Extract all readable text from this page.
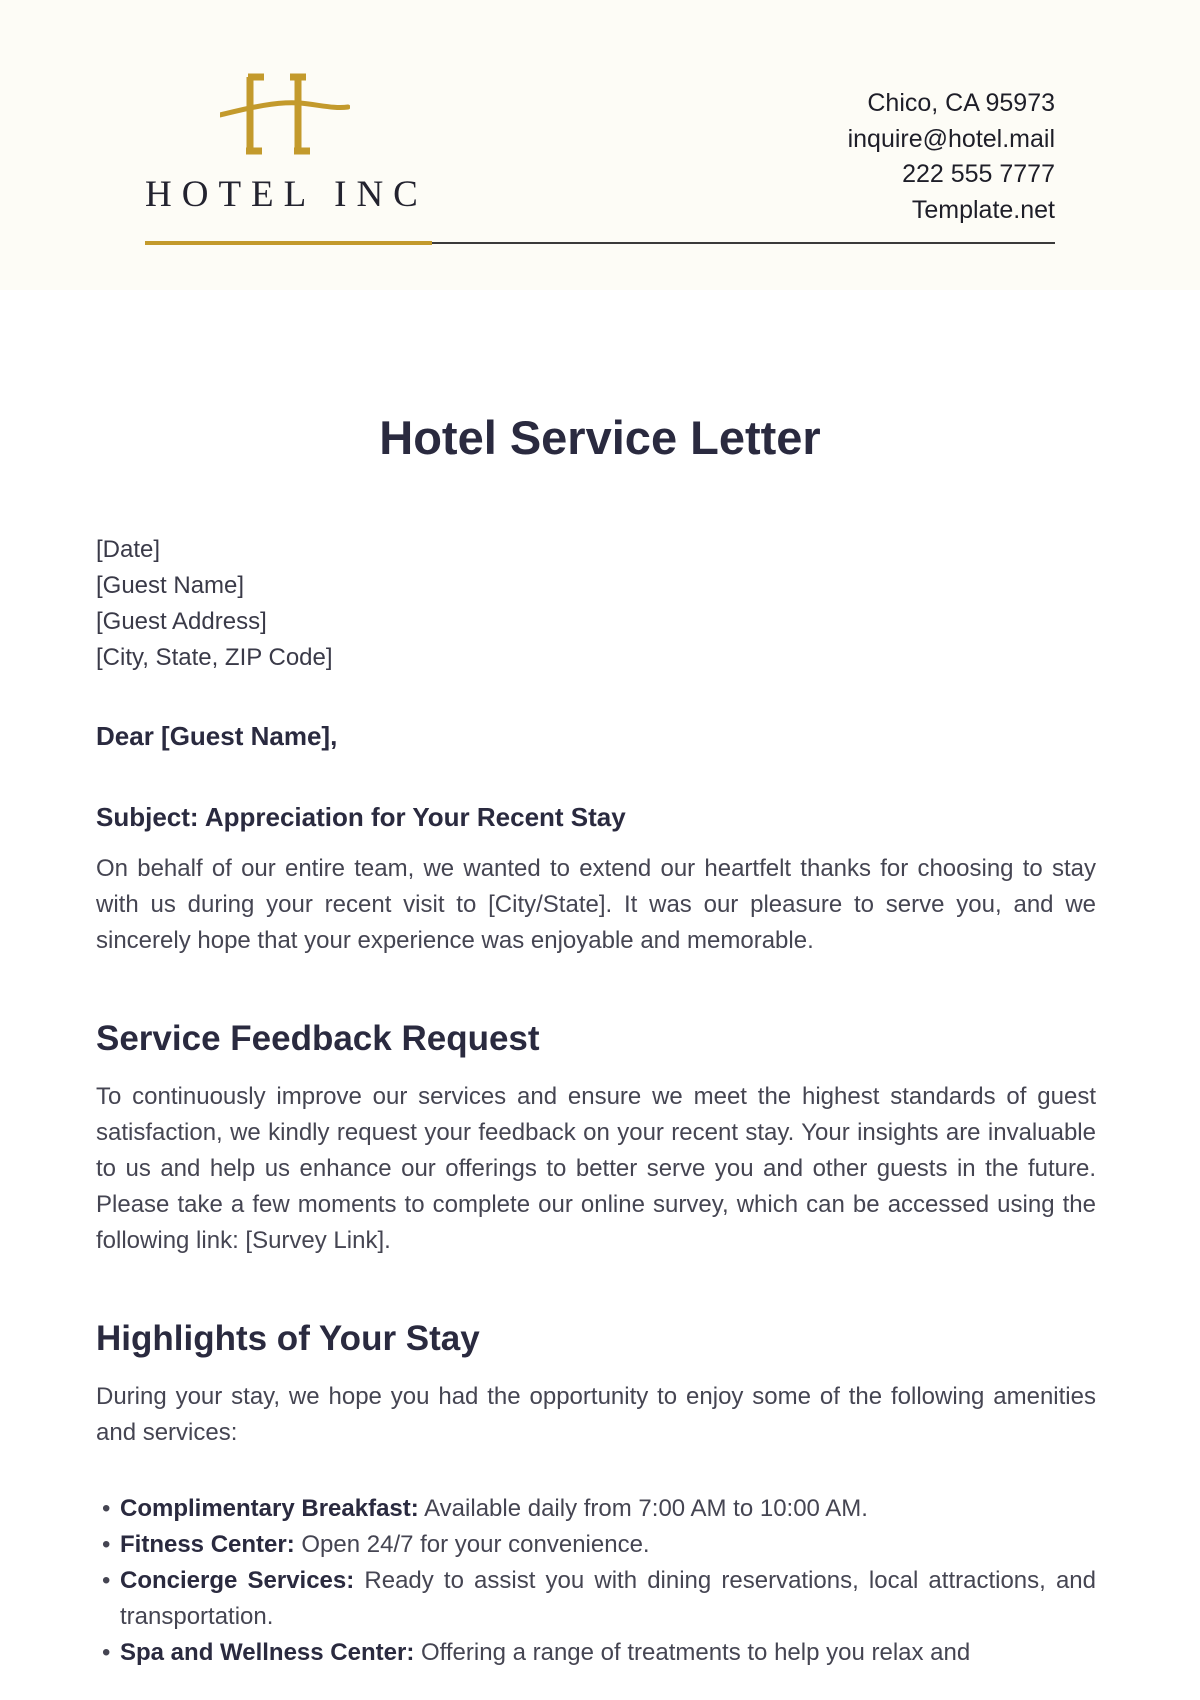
HOTEL INC
Chico, CA 95973
inquire@hotel.mail
222 555 7777
Template.net
Hotel Service Letter
[Date]
[Guest Name]
[Guest Address]
[City, State, ZIP Code]
Dear [Guest Name],
Subject: Appreciation for Your Recent Stay

On behalf of our entire team, we wanted to extend our heartfelt thanks for choosing to stay with us during your recent visit to [City/State]. It was our pleasure to serve you, and we sincerely hope that your experience was enjoyable and memorable.

Service Feedback Request

To continuously improve our services and ensure we meet the highest standards of guest satisfaction, we kindly request your feedback on your recent stay. Your insights are invaluable to us and help us enhance our offerings to better serve you and other guests in the future. Please take a few moments to complete our online survey, which can be accessed using the following link: [Survey Link].

Highlights of Your Stay

During your stay, we hope you had the opportunity to enjoy some of the following amenities and services:

• Complimentary Breakfast: Available daily from 7:00 AM to 10:00 AM.
• Fitness Center: Open 24/7 for your convenience.
• Concierge Services: Ready to assist you with dining reservations, local attractions, and transportation.
• Spa and Wellness Center: Offering a range of treatments to help you relax and
